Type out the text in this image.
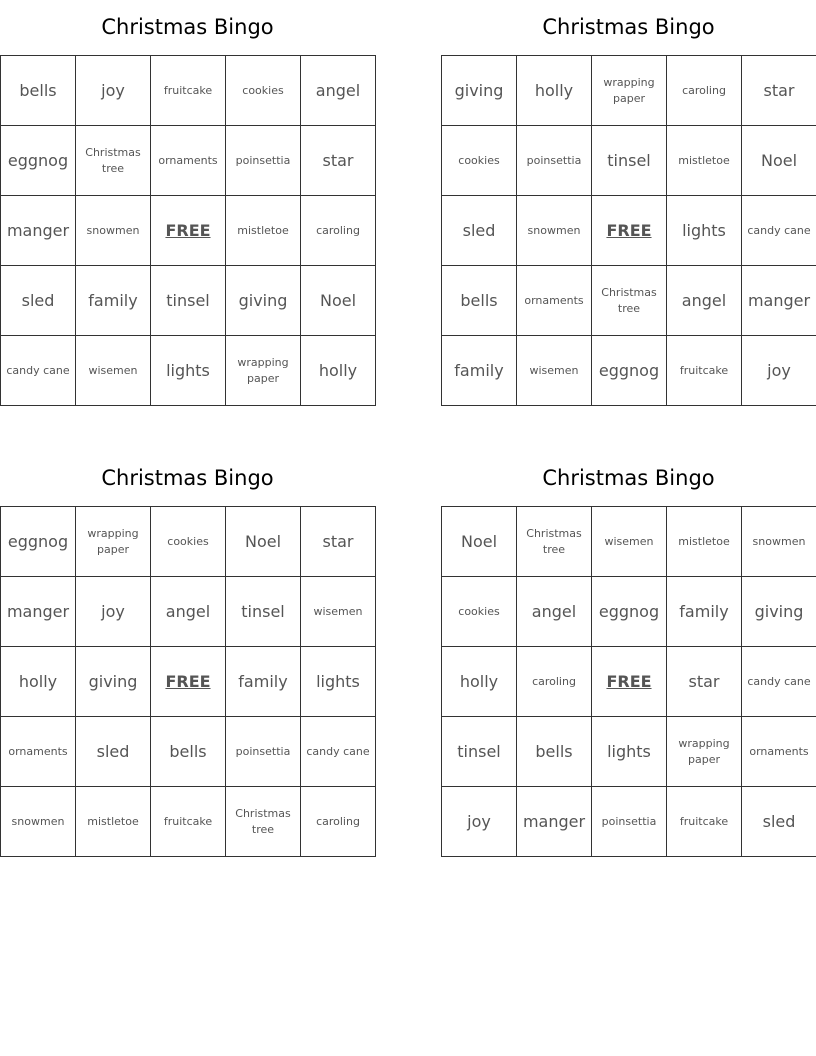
Christmas Bingo
bells	joy	fruitcake	cookies	angel
eggnog	Christmas tree	ornaments	poinsettia	star
manger	snowmen	FREE	mistletoe	caroling
sled	family	tinsel	giving	Noel
candy cane	wisemen	lights	wrapping paper	holly
Christmas Bingo
giving	holly	wrapping paper	caroling	star
cookies	poinsettia	tinsel	mistletoe	Noel
sled	snowmen	FREE	lights	candy cane
bells	ornaments	Christmas tree	angel	manger
family	wisemen	eggnog	fruitcake	joy
Christmas Bingo
eggnog	wrapping paper	cookies	Noel	star
manger	joy	angel	tinsel	wisemen
holly	giving	FREE	family	lights
ornaments	sled	bells	poinsettia	candy cane
snowmen	mistletoe	fruitcake	Christmas tree	caroling
Christmas Bingo
Noel	Christmas tree	wisemen	mistletoe	snowmen
cookies	angel	eggnog	family	giving
holly	caroling	FREE	star	candy cane
tinsel	bells	lights	wrapping paper	ornaments
joy	manger	poinsettia	fruitcake	sled
